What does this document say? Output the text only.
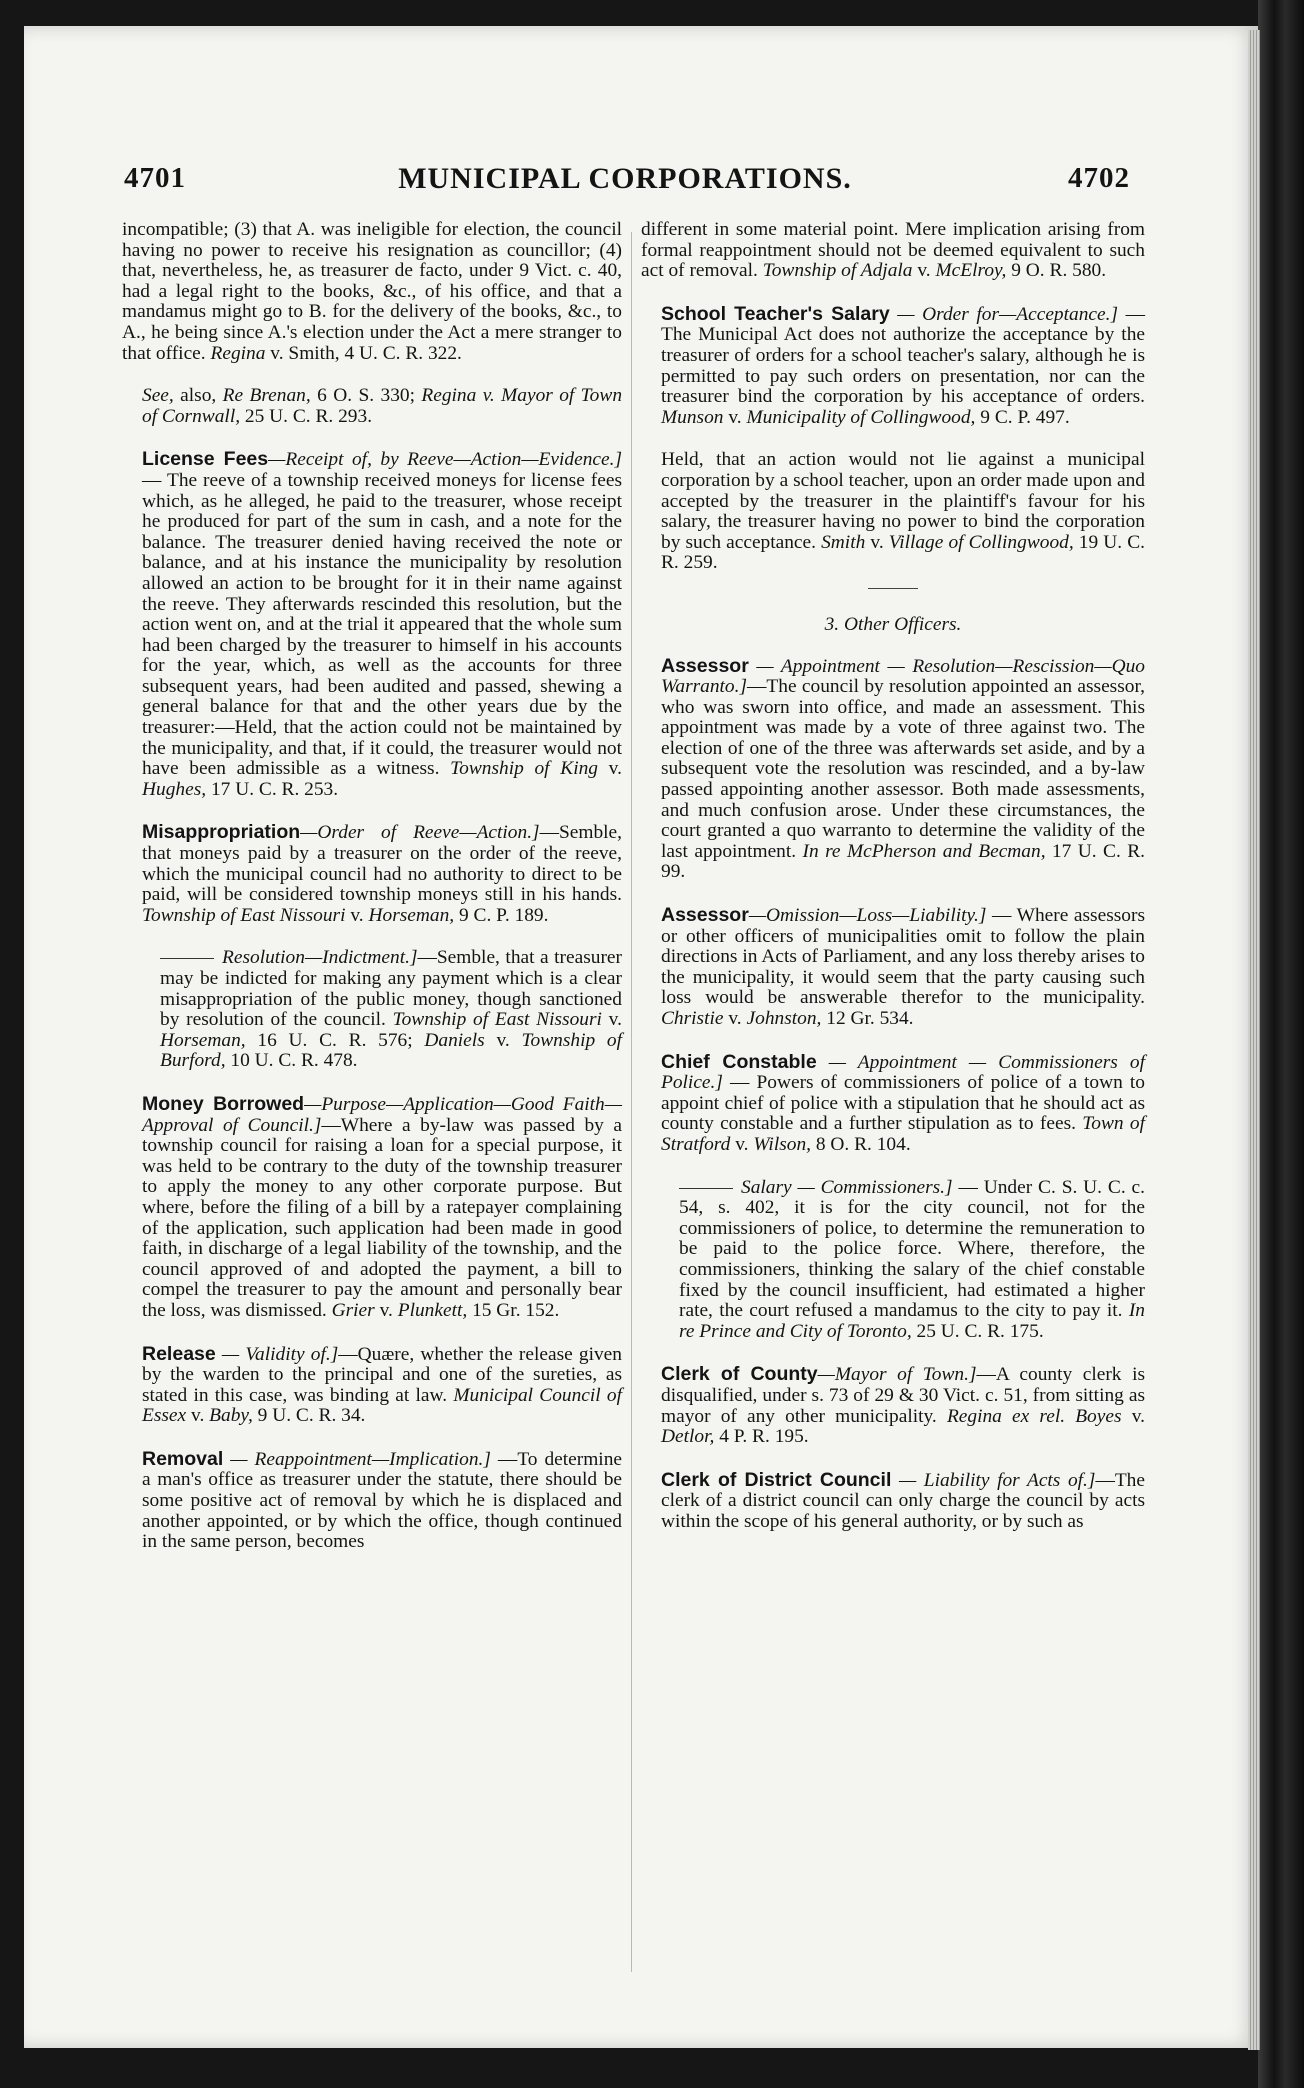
4701	MUNICIPAL CORPORATIONS.	4702
incompatible; (3) that A. was ineligible for election, the council having no power to receive his resignation as councillor; (4) that, nevertheless, he, as treasurer de facto, under 9 Vict. c. 40, had a legal right to the books, &c., of his office, and that a mandamus might go to B. for the delivery of the books, &c., to A., he being since A.'s election under the Act a mere stranger to that office. Regina v. Smith, 4 U. C. R. 322.
See, also, Re Brenan, 6 O. S. 330; Regina v. Mayor of Town of Cornwall, 25 U. C. R. 293.

License Fees—Receipt of, by Reeve—Action—Evidence.] — The reeve of a township received moneys for license fees which, as he alleged, he paid to the treasurer, whose receipt he produced for part of the sum in cash, and a note for the balance. The treasurer denied having received the note or balance, and at his instance the municipality by resolution allowed an action to be brought for it in their name against the reeve. They afterwards rescinded this resolution, but the action went on, and at the trial it appeared that the whole sum had been charged by the treasurer to himself in his accounts for the year, which, as well as the accounts for three subsequent years, had been audited and passed, shewing a general balance for that and the other years due by the treasurer:—Held, that the action could not be maintained by the municipality, and that, if it could, the treasurer would not have been admissible as a witness. Township of King v. Hughes, 17 U. C. R. 253.

Misappropriation—Order of Reeve—Action.]—Semble, that moneys paid by a treasurer on the order of the reeve, which the municipal council had no authority to direct to be paid, will be considered township moneys still in his hands. Township of East Nissouri v. Horseman, 9 C. P. 189.

Resolution—Indictment.]—Semble, that a treasurer may be indicted for making any payment which is a clear misappropriation of the public money, though sanctioned by resolution of the council. Township of East Nissouri v. Horseman, 16 U. C. R. 576; Daniels v. Township of Burford, 10 U. C. R. 478.

Money Borrowed—Purpose—Application—Good Faith—Approval of Council.]—Where a by-law was passed by a township council for raising a loan for a special purpose, it was held to be contrary to the duty of the township treasurer to apply the money to any other corporate purpose. But where, before the filing of a bill by a ratepayer complaining of the application, such application had been made in good faith, in discharge of a legal liability of the township, and the council approved of and adopted the payment, a bill to compel the treasurer to pay the amount and personally bear the loss, was dismissed. Grier v. Plunkett, 15 Gr. 152.

Release — Validity of.]—Quære, whether the release given by the warden to the principal and one of the sureties, as stated in this case, was binding at law. Municipal Council of Essex v. Baby, 9 U. C. R. 34.

Removal — Reappointment—Implication.] —To determine a man's office as treasurer under the statute, there should be some positive act of removal by which he is displaced and another appointed, or by which the office, though continued in the same person, becomes

different in some material point. Mere implication arising from formal reappointment should not be deemed equivalent to such act of removal. Township of Adjala v. McElroy, 9 O. R. 580.

School Teacher's Salary — Order for—Acceptance.] — The Municipal Act does not authorize the acceptance by the treasurer of orders for a school teacher's salary, although he is permitted to pay such orders on presentation, nor can the treasurer bind the corporation by his acceptance of orders. Munson v. Municipality of Collingwood, 9 C. P. 497.

Held, that an action would not lie against a municipal corporation by a school teacher, upon an order made upon and accepted by the treasurer in the plaintiff's favour for his salary, the treasurer having no power to bind the corporation by such acceptance. Smith v. Village of Collingwood, 19 U. C. R. 259.

3. Other Officers.

Assessor — Appointment — Resolution—Rescission—Quo Warranto.]—The council by resolution appointed an assessor, who was sworn into office, and made an assessment. This appointment was made by a vote of three against two. The election of one of the three was afterwards set aside, and by a subsequent vote the resolution was rescinded, and a by-law passed appointing another assessor. Both made assessments, and much confusion arose. Under these circumstances, the court granted a quo warranto to determine the validity of the last appointment. In re McPherson and Becman, 17 U. C. R. 99.

Assessor—Omission—Loss—Liability.] — Where assessors or other officers of municipalities omit to follow the plain directions in Acts of Parliament, and any loss thereby arises to the municipality, it would seem that the party causing such loss would be answerable therefor to the municipality. Christie v. Johnston, 12 Gr. 534.

Chief Constable — Appointment — Commissioners of Police.] — Powers of commissioners of police of a town to appoint chief of police with a stipulation that he should act as county constable and a further stipulation as to fees. Town of Stratford v. Wilson, 8 O. R. 104.

Salary — Commissioners.] — Under C. S. U. C. c. 54, s. 402, it is for the city council, not for the commissioners of police, to determine the remuneration to be paid to the police force. Where, therefore, the commissioners, thinking the salary of the chief constable fixed by the council insufficient, had estimated a higher rate, the court refused a mandamus to the city to pay it. In re Prince and City of Toronto, 25 U. C. R. 175.

Clerk of County—Mayor of Town.]—A county clerk is disqualified, under s. 73 of 29 & 30 Vict. c. 51, from sitting as mayor of any other municipality. Regina ex rel. Boyes v. Detlor, 4 P. R. 195.

Clerk of District Council — Liability for Acts of.]—The clerk of a district council can only charge the council by acts within the scope of his general authority, or by such as
